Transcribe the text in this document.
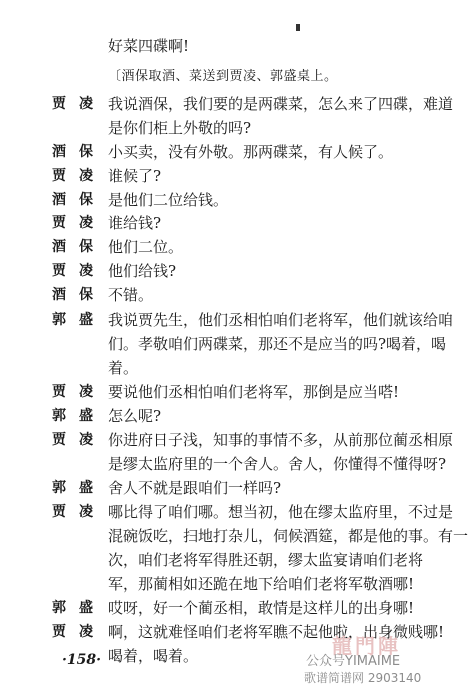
好菜四碟啊!
〔酒保取酒、菜送到贾凌、郭盛桌上。
贾凌 我说酒保，我们要的是两碟菜，怎么来了四碟，难道
是你们柜上外敬的吗?
酒保 小买卖，没有外敬。那两碟菜，有人候了。
贾凌 谁候了?
酒保 是他们二位给钱。
贾凌 谁给钱?
酒保 他们二位。
贾凌 他们给钱?
酒保 不错。
郭盛 我说贾先生，他们丞相怕咱们老将军，他们就该给咱
们。孝敬咱们两碟菜，那还不是应当的吗?喝着，喝
着。
贾凌 要说他们丞相怕咱们老将军，那倒是应当嗒!
郭盛 怎么呢?
贾凌 你进府日子浅，知事的事情不多，从前那位蔺丞相原
是缪太监府里的一个舍人。舍人，你懂得不懂得呀?
郭盛 舍人不就是跟咱们一样吗?
贾凌 哪比得了咱们哪。想当初，他在缪太监府里，不过是
混碗饭吃，扫地打杂儿，伺候酒筵，都是他的事。有一
次，咱们老将军得胜还朝，缪太监宴请咱们老将
军，那蔺相如还跪在地下给咱们老将军敬酒哪!
郭盛 哎呀，好一个蔺丞相，敢情是这样儿的出身哪!
贾凌 啊，这就难怪咱们老将军瞧不起他啦，出身微贱哪!
喝着，喝着。
·158·
龍門陣
公众号YIMAIME
歌谱简谱网 2903140
